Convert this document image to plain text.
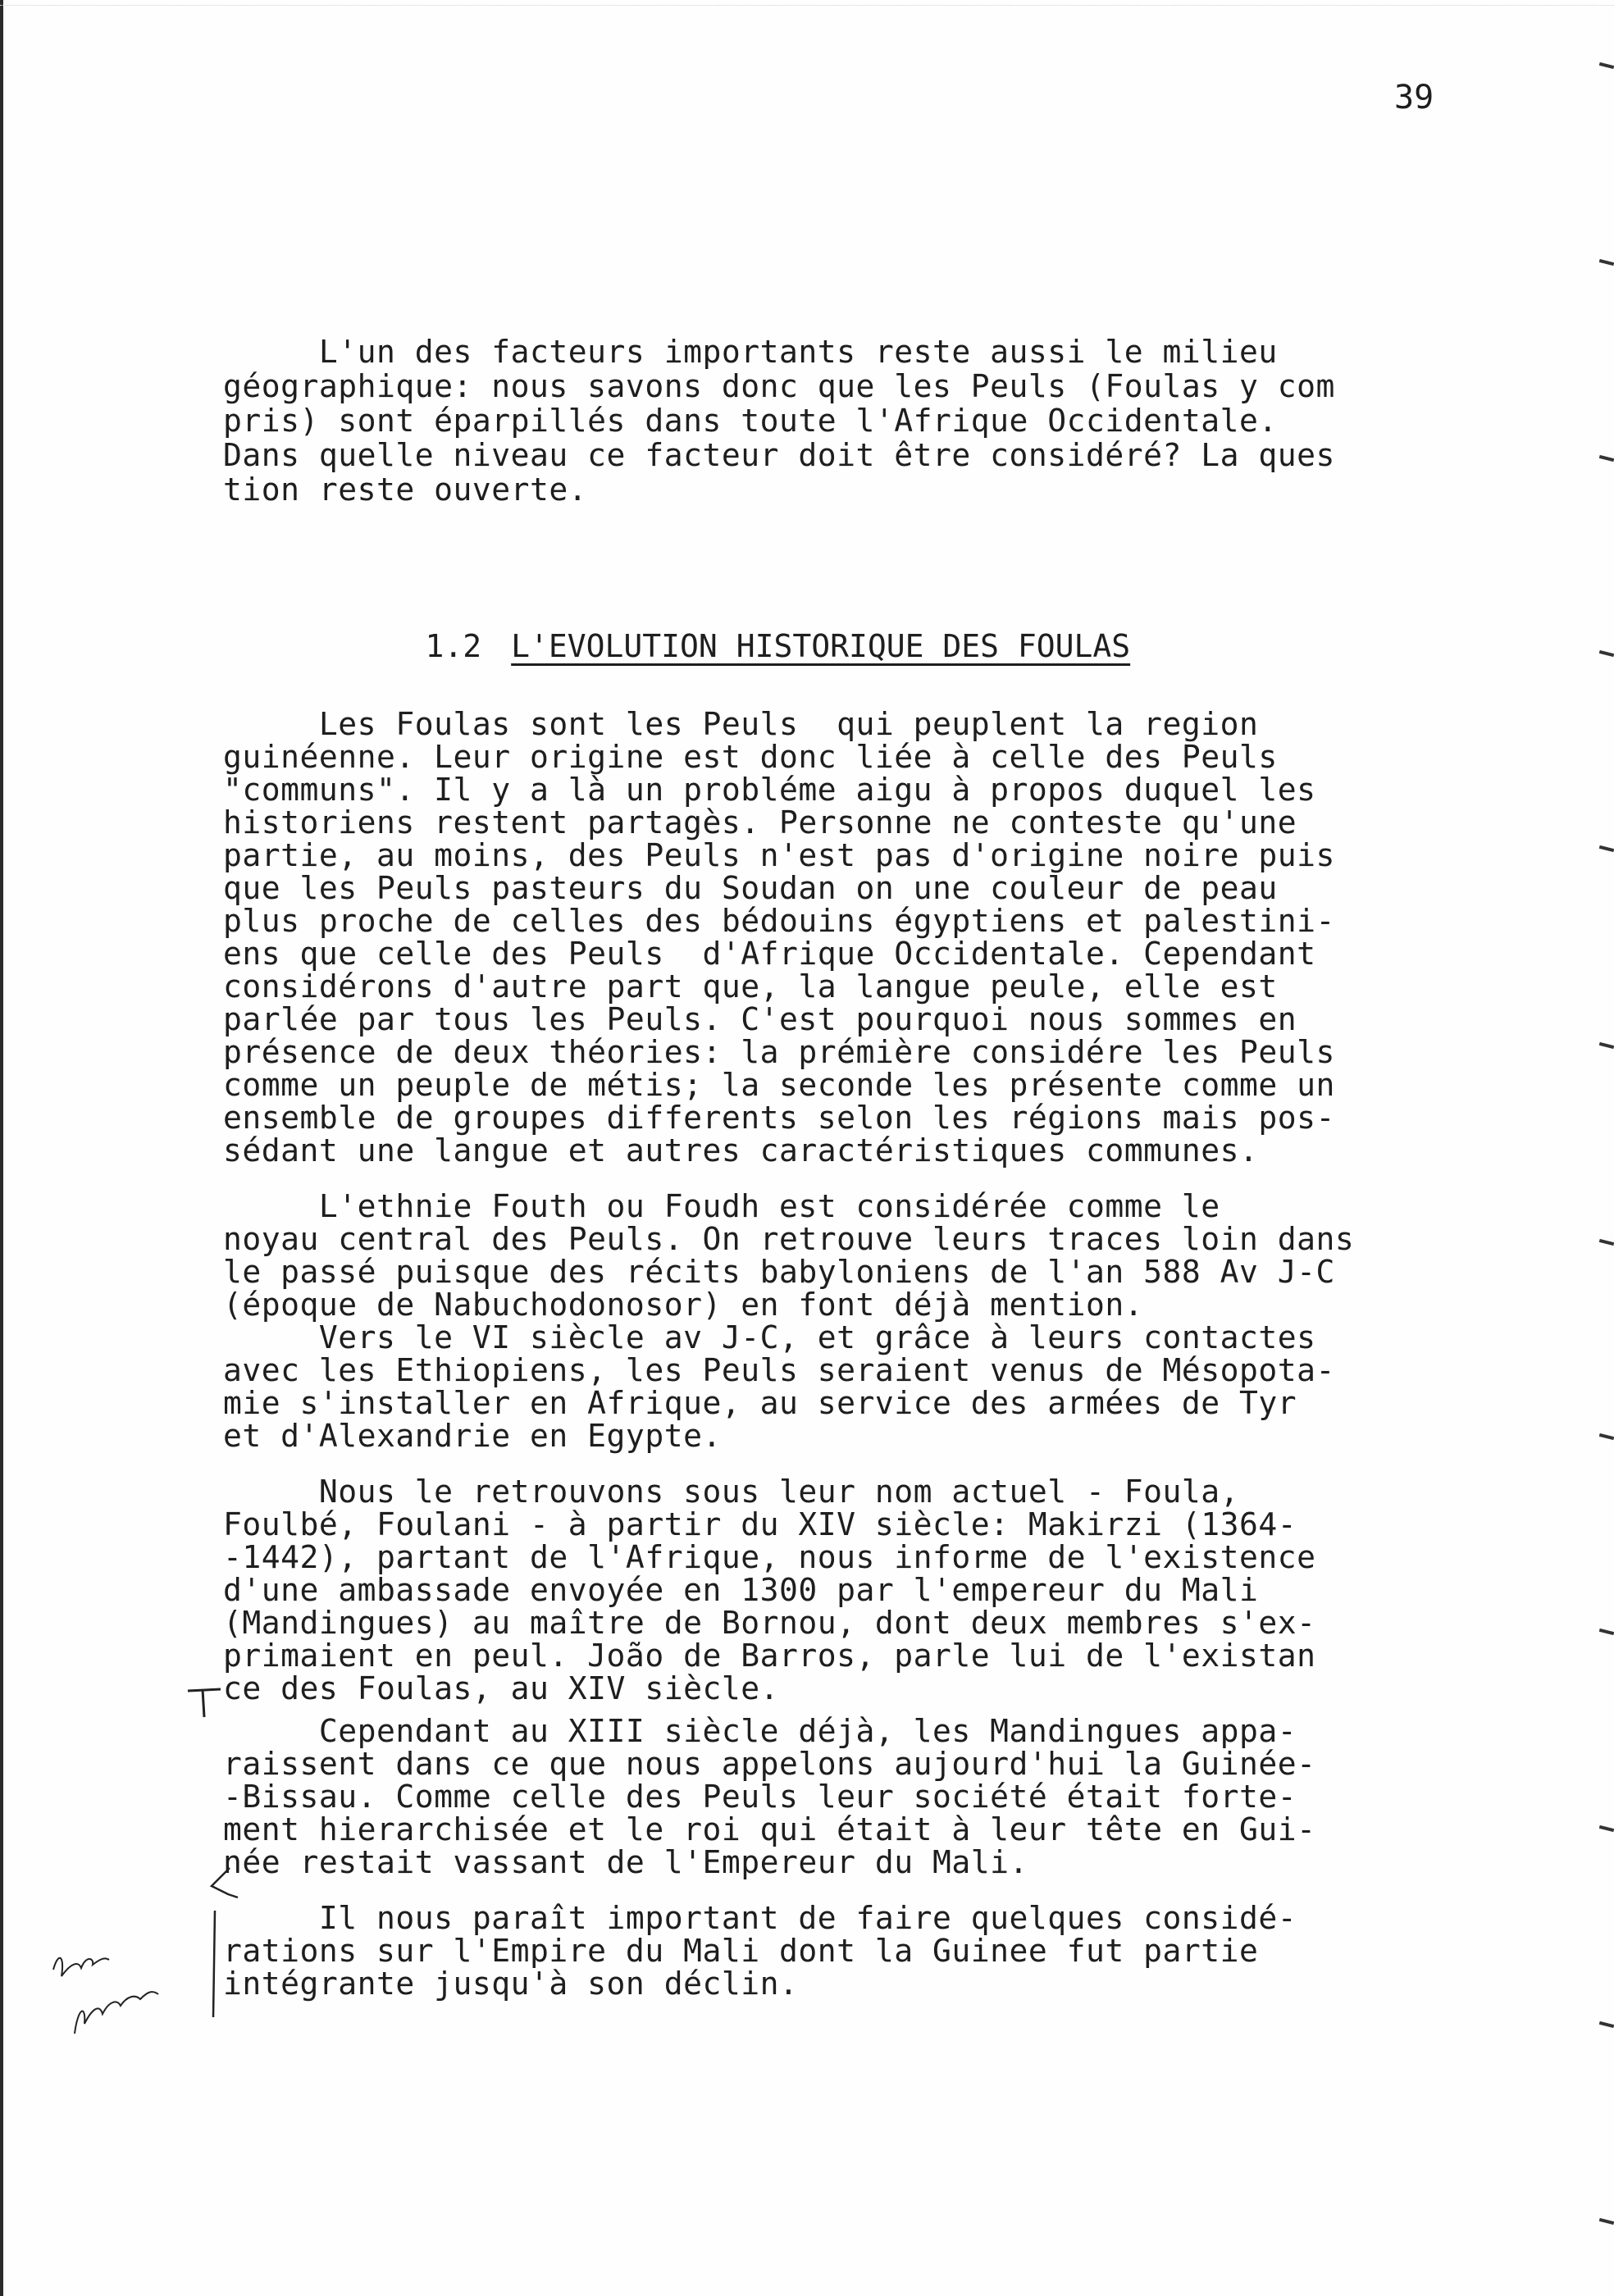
39
L'un des facteurs importants reste aussi le milieu
géographique: nous savons donc que les Peuls (Foulas y com
pris) sont éparpillés dans toute l'Afrique Occidentale.
Dans quelle niveau ce facteur doit être considéré? La ques
tion reste ouverte.

1.2 L'EVOLUTION HISTORIQUE DES FOULAS

Les Foulas sont les Peuls  qui peuplent la region
guinéenne. Leur origine est donc liée à celle des Peuls
"communs". Il y a là un probléme aigu à propos duquel les
historiens restent partagès. Personne ne conteste qu'une
partie, au moins, des Peuls n'est pas d'origine noire puis
que les Peuls pasteurs du Soudan on une couleur de peau
plus proche de celles des bédouins égyptiens et palestini-
ens que celle des Peuls  d'Afrique Occidentale. Cependant
considérons d'autre part que, la langue peule, elle est
parlée par tous les Peuls. C'est pourquoi nous sommes en
présence de deux théories: la prémière considére les Peuls
comme un peuple de métis; la seconde les présente comme un
ensemble de groupes differents selon les régions mais pos-
sédant une langue et autres caractéristiques communes.
L'ethnie Fouth ou Foudh est considérée comme le
noyau central des Peuls. On retrouve leurs traces loin dans
le passé puisque des récits babyloniens de l'an 588 Av J-C
(époque de Nabuchodonosor) en font déjà mention.
Vers le VI siècle av J-C, et grâce à leurs contactes
avec les Ethiopiens, les Peuls seraient venus de Mésopota-
mie s'installer en Afrique, au service des armées de Tyr
et d'Alexandrie en Egypte.
Nous le retrouvons sous leur nom actuel - Foula,
Foulbé, Foulani - à partir du XIV siècle: Makirzi (1364-
-1442), partant de l'Afrique, nous informe de l'existence
d'une ambassade envoyée en 1300 par l'empereur du Mali
(Mandingues) au maître de Bornou, dont deux membres s'ex-
primaient en peul. João de Barros, parle lui de l'existan
ce des Foulas, au XIV siècle.
Cependant au XIII siècle déjà, les Mandingues appa-
raissent dans ce que nous appelons aujourd'hui la Guinée-
-Bissau. Comme celle des Peuls leur société était forte-
ment hierarchisée et le roi qui était à leur tête en Gui-
née restait vassant de l'Empereur du Mali.
Il nous paraît important de faire quelques considé-
rations sur l'Empire du Mali dont la Guinee fut partie
intégrante jusqu'à son déclin.
